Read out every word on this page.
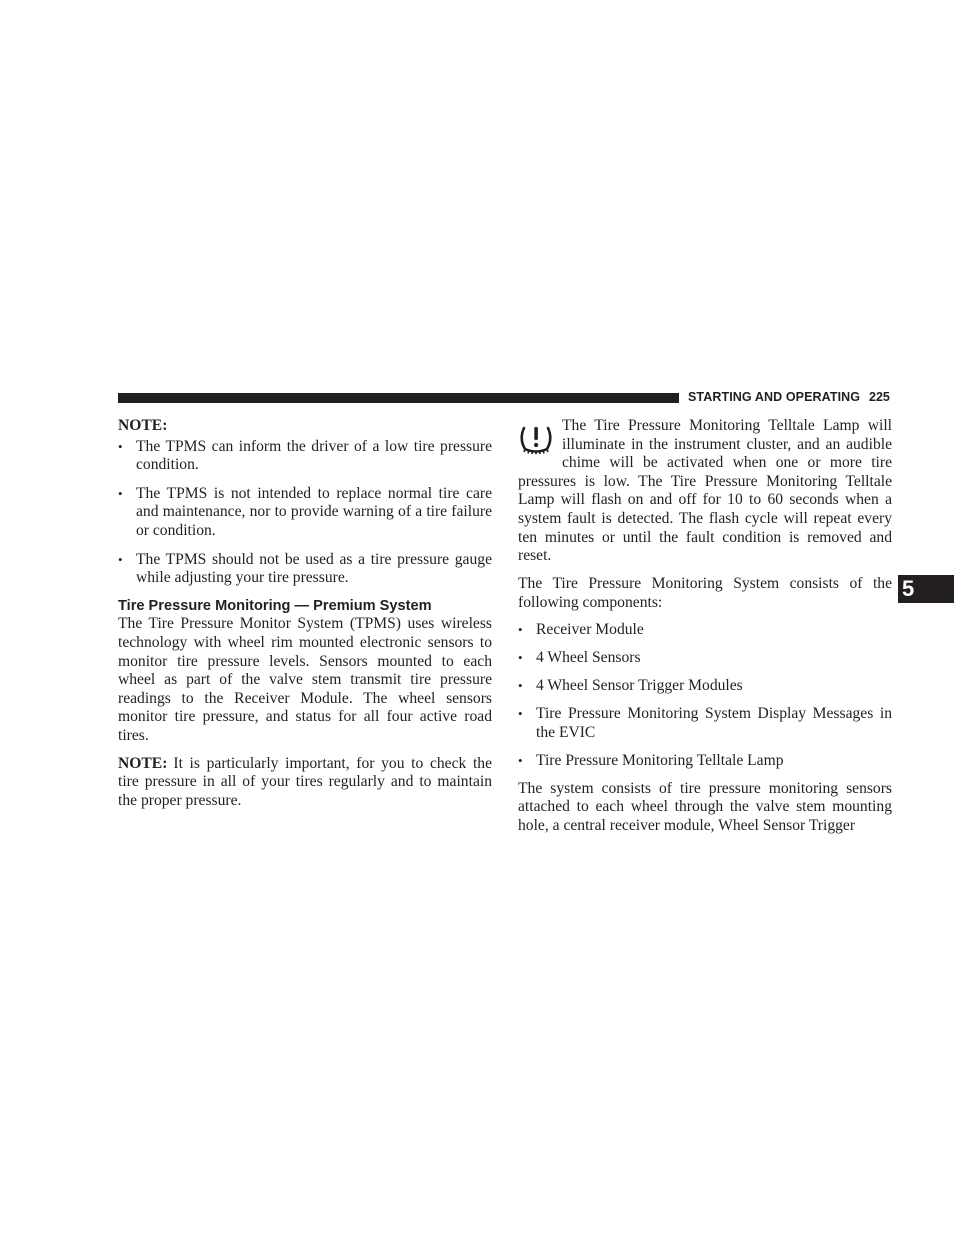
STARTING AND OPERATING 225
5

NOTE:

• The TPMS can inform the driver of a low tire pressure condition.
• The TPMS is not intended to replace normal tire care and maintenance, nor to provide warning of a tire failure or condition.
• The TPMS should not be used as a tire pressure gauge while adjusting your tire pressure.
Tire Pressure Monitoring — Premium System

The Tire Pressure Monitor System (TPMS) uses wireless technology with wheel rim mounted electronic sensors to monitor tire pressure levels. Sensors mounted to each wheel as part of the valve stem transmit tire pressure readings to the Receiver Module. The wheel sensors monitor tire pressure, and status for all four active road tires.

NOTE: It is particularly important, for you to check the tire pressure in all of your tires regularly and to maintain the proper pressure.

The Tire Pressure Monitoring Telltale Lamp will illuminate in the instrument cluster, and an audible chime will be activated when one or more tire pressures is low. The Tire Pressure Monitoring Telltale Lamp will flash on and off for 10 to 60 seconds when a system fault is detected. The flash cycle will repeat every ten minutes or until the fault condition is removed and reset.

The Tire Pressure Monitoring System consists of the following components:

• Receiver Module
• 4 Wheel Sensors
• 4 Wheel Sensor Trigger Modules
• Tire Pressure Monitoring System Display Messages in the EVIC
• Tire Pressure Monitoring Telltale Lamp

The system consists of tire pressure monitoring sensors attached to each wheel through the valve stem mounting hole, a central receiver module, Wheel Sensor Trigger
